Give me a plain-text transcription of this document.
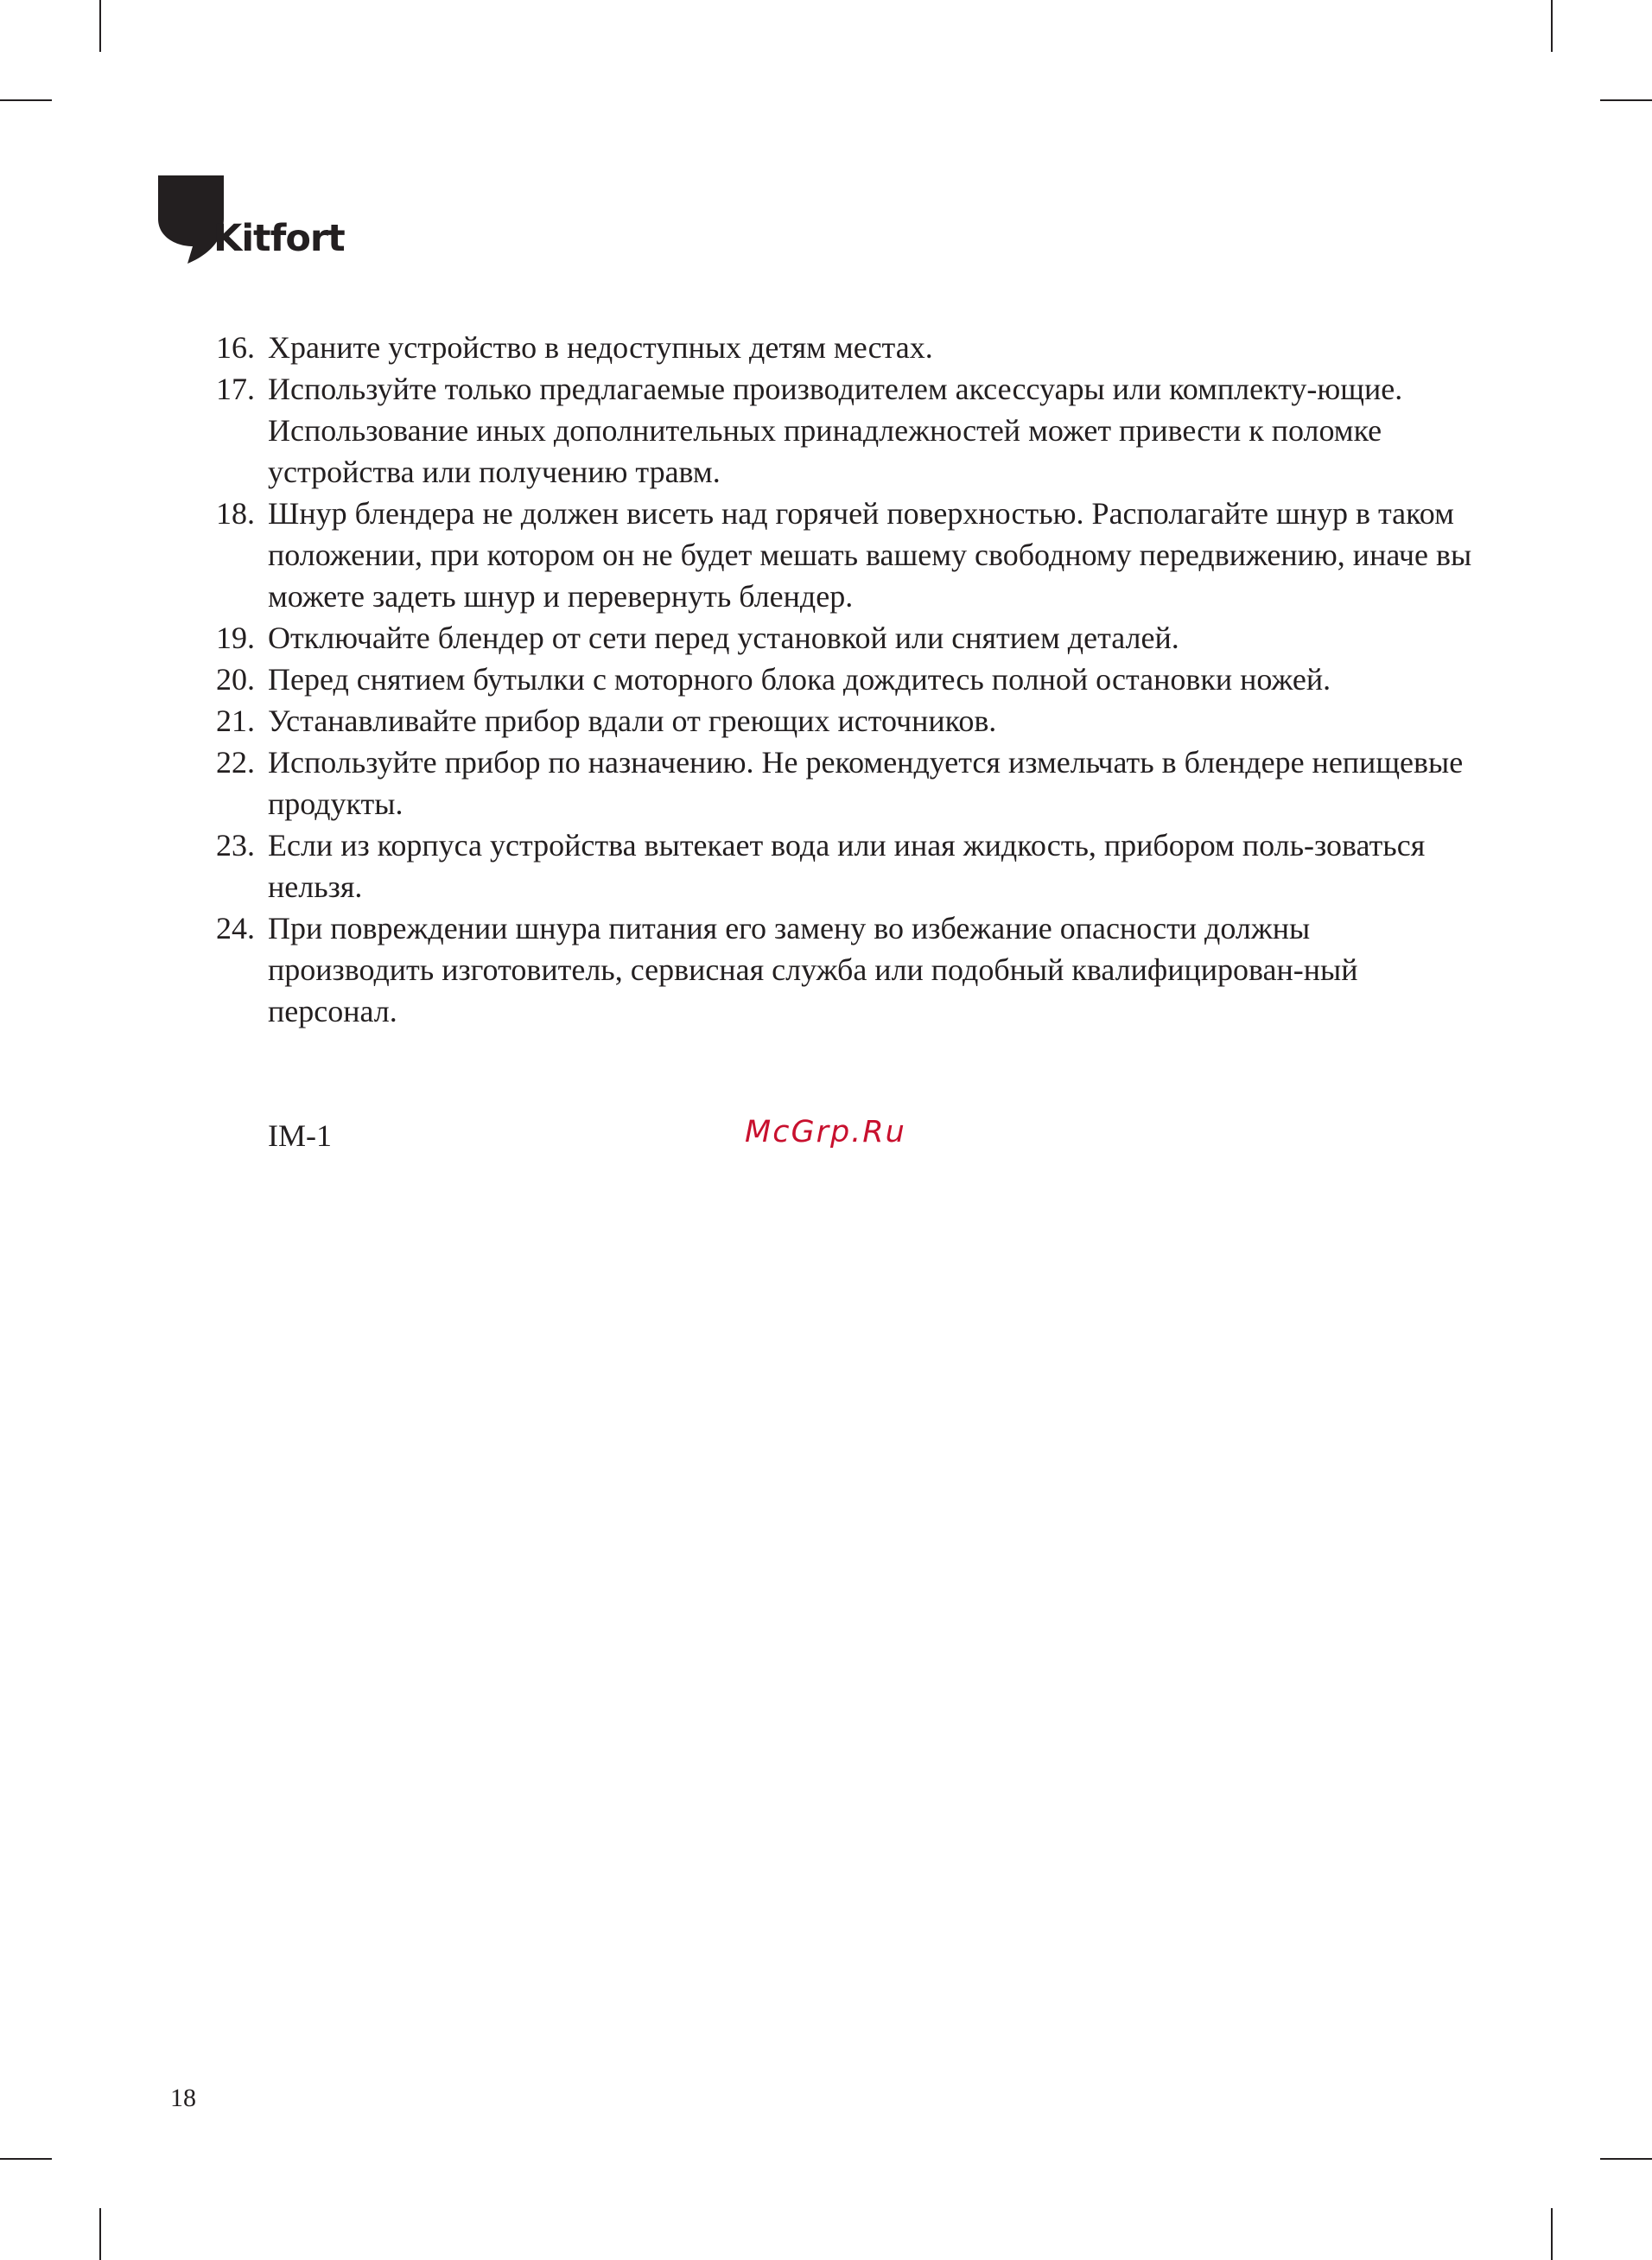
Kitfort
16. Храните устройство в недоступных детям местах.
17. Используйте только предлагаемые производителем аксессуары или комплекту-ющие. Использование иных дополнительных принадлежностей может привести к поломке устройства или получению травм.
18. Шнур блендера не должен висеть над горячей поверхностью. Располагайте шнур в таком положении, при котором он не будет мешать вашему свободному передвижению, иначе вы можете задеть шнур и перевернуть блендер.
19. Отключайте блендер от сети перед установкой или снятием деталей.
20. Перед снятием бутылки с моторного блока дождитесь полной остановки ножей.
21. Устанавливайте прибор вдали от греющих источников.
22. Используйте прибор по назначению. Не рекомендуется измельчать в блендере непищевые продукты.
23. Если из корпуса устройства вытекает вода или иная жидкость, прибором поль-зоваться нельзя.
24. При повреждении шнура питания его замену во избежание опасности должны производить изготовитель, сервисная служба или подобный квалифицирован-ный персонал.
IM-1	McGrp.Ru
18
